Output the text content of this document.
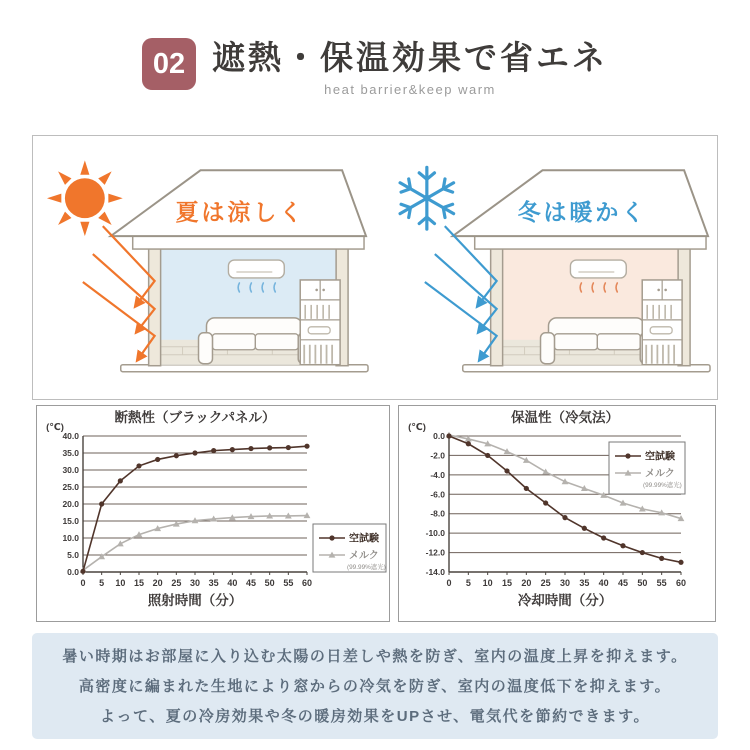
02 遮熱・保温効果で省エネ
heat barrier&keep warm
夏は涼しく	冬は暖かく
断熱性（ブラックパネル）
(℃)
40.0
35.0
30.0
25.0
20.0
15.0
10.0
5.0
0.0
0 5 10 15 20 25 30 35 40 45 50 55 60
照射時間（分）
空試験
メルク
(99.99%遮光)
保温性（冷気法）
(℃)
0.0
-2.0
-4.0
-6.0
-8.0
-10.0
-12.0
-14.0
0 5 10 15 20 25 30 35 40 45 50 55 60
冷却時間（分）
空試験
メルク
(99.99%遮光)

暑い時期はお部屋に入り込む太陽の日差しや熱を防ぎ、室内の温度上昇を抑えます。

高密度に編まれた生地により窓からの冷気を防ぎ、室内の温度低下を抑えます。

よって、夏の冷房効果や冬の暖房効果をUPさせ、電気代を節約できます。
